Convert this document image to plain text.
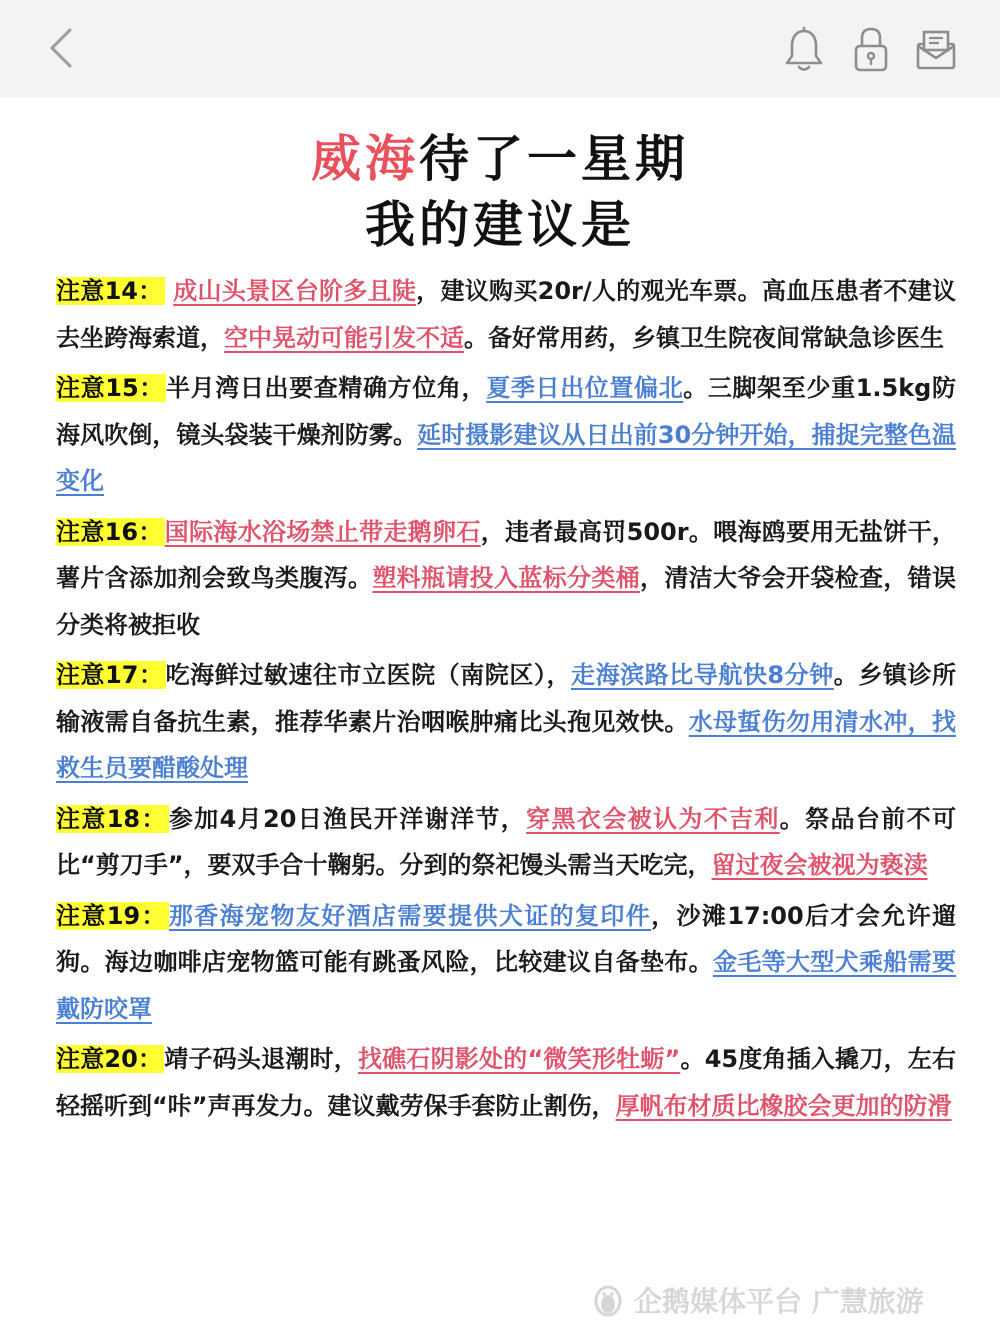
威海待了一星期
我的建议是

注意14： 成山头景区台阶多且陡，建议购买20r/人的观光车票。高血压患者不建议去坐跨海索道，空中晃动可能引发不适。备好常用药，乡镇卫生院夜间常缺急诊医生

注意15：半月湾日出要查精确方位角，夏季日出位置偏北。三脚架至少重1.5kg防海风吹倒，镜头袋装干燥剂防雾。延时摄影建议从日出前30分钟开始，捕捉完整色温变化

注意16：国际海水浴场禁止带走鹅卵石，违者最高罚500r。喂海鸥要用无盐饼干，薯片含添加剂会致鸟类腹泻。塑料瓶请投入蓝标分类桶，清洁大爷会开袋检查，错误分类将被拒收

注意17：吃海鲜过敏速往市立医院（南院区），走海滨路比导航快8分钟。乡镇诊所输液需自备抗生素，推荐华素片治咽喉肿痛比头孢见效快。水母蜇伤勿用清水冲，找救生员要醋酸处理

注意18：参加4月20日渔民开洋谢洋节，穿黑衣会被认为不吉利。祭品台前不可比“剪刀手”，要双手合十鞠躬。分到的祭祀馒头需当天吃完，留过夜会被视为亵渎

注意19：那香海宠物友好酒店需要提供犬证的复印件，沙滩17:00后才会允许遛狗。海边咖啡店宠物篮可能有跳蚤风险，比较建议自备垫布。金毛等大型犬乘船需要戴防咬罩

注意20：靖子码头退潮时，找礁石阴影处的“微笑形牡蛎”。45度角插入撬刀，左右轻摇听到“咔”声再发力。建议戴劳保手套防止割伤，厚帆布材质比橡胶会更加的防滑

企鹅媒体平台 广慧旅游
